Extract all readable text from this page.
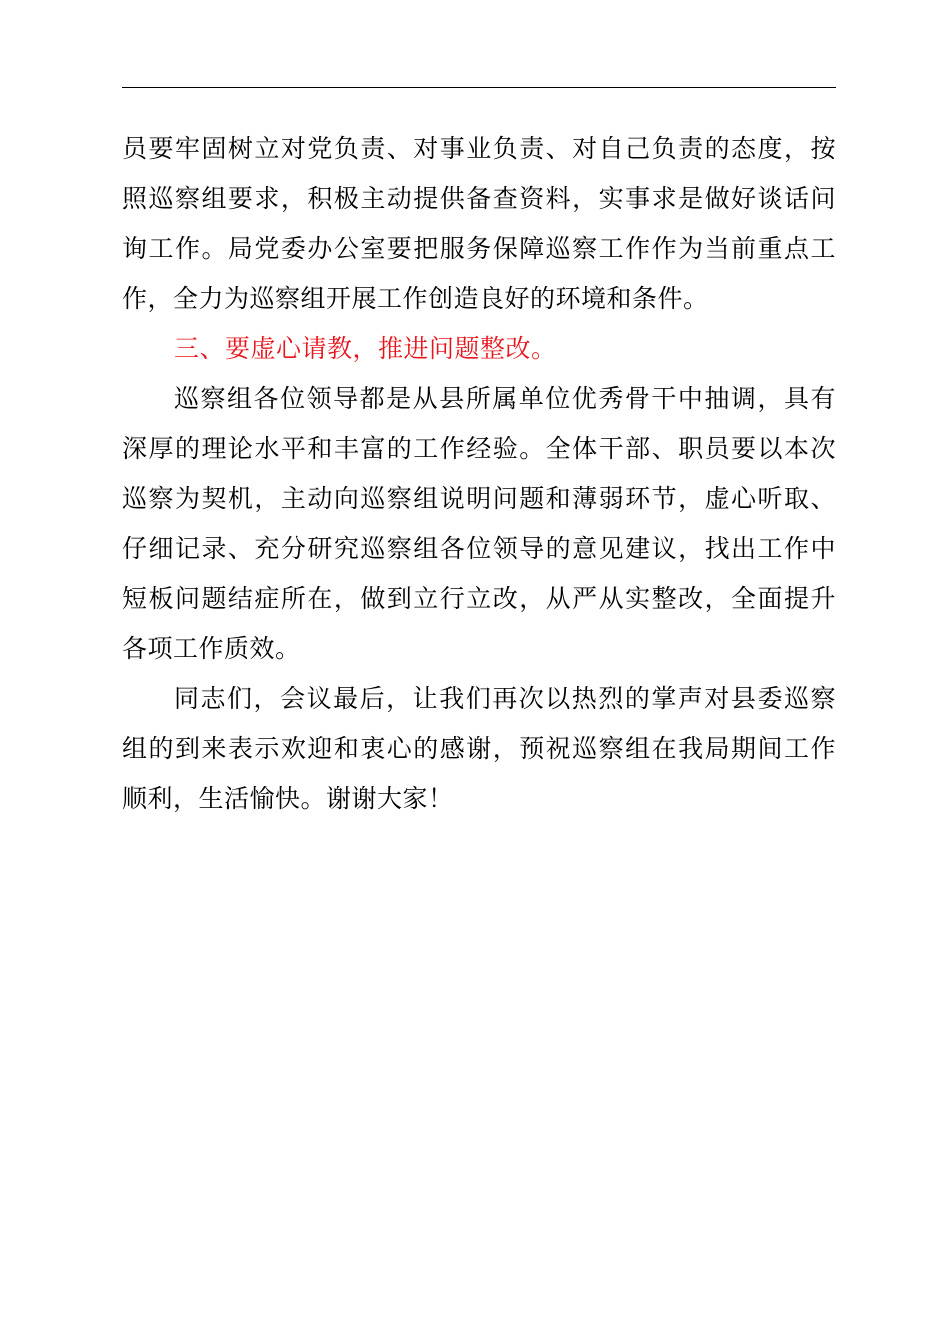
员要牢固树立对党负责、对事业负责、对自己负责的态度，按
照巡察组要求，积极主动提供备查资料，实事求是做好谈话问
询工作。局党委办公室要把服务保障巡察工作作为当前重点工
作，全力为巡察组开展工作创造良好的环境和条件。
三、要虚心请教，推进问题整改。
巡察组各位领导都是从县所属单位优秀骨干中抽调，具有
深厚的理论水平和丰富的工作经验。全体干部、职员要以本次
巡察为契机，主动向巡察组说明问题和薄弱环节，虚心听取、
仔细记录、充分研究巡察组各位领导的意见建议，找出工作中
短板问题结症所在，做到立行立改，从严从实整改，全面提升
各项工作质效。
同志们，会议最后，让我们再次以热烈的掌声对县委巡察
组的到来表示欢迎和衷心的感谢，预祝巡察组在我局期间工作
顺利，生活愉快。谢谢大家！
